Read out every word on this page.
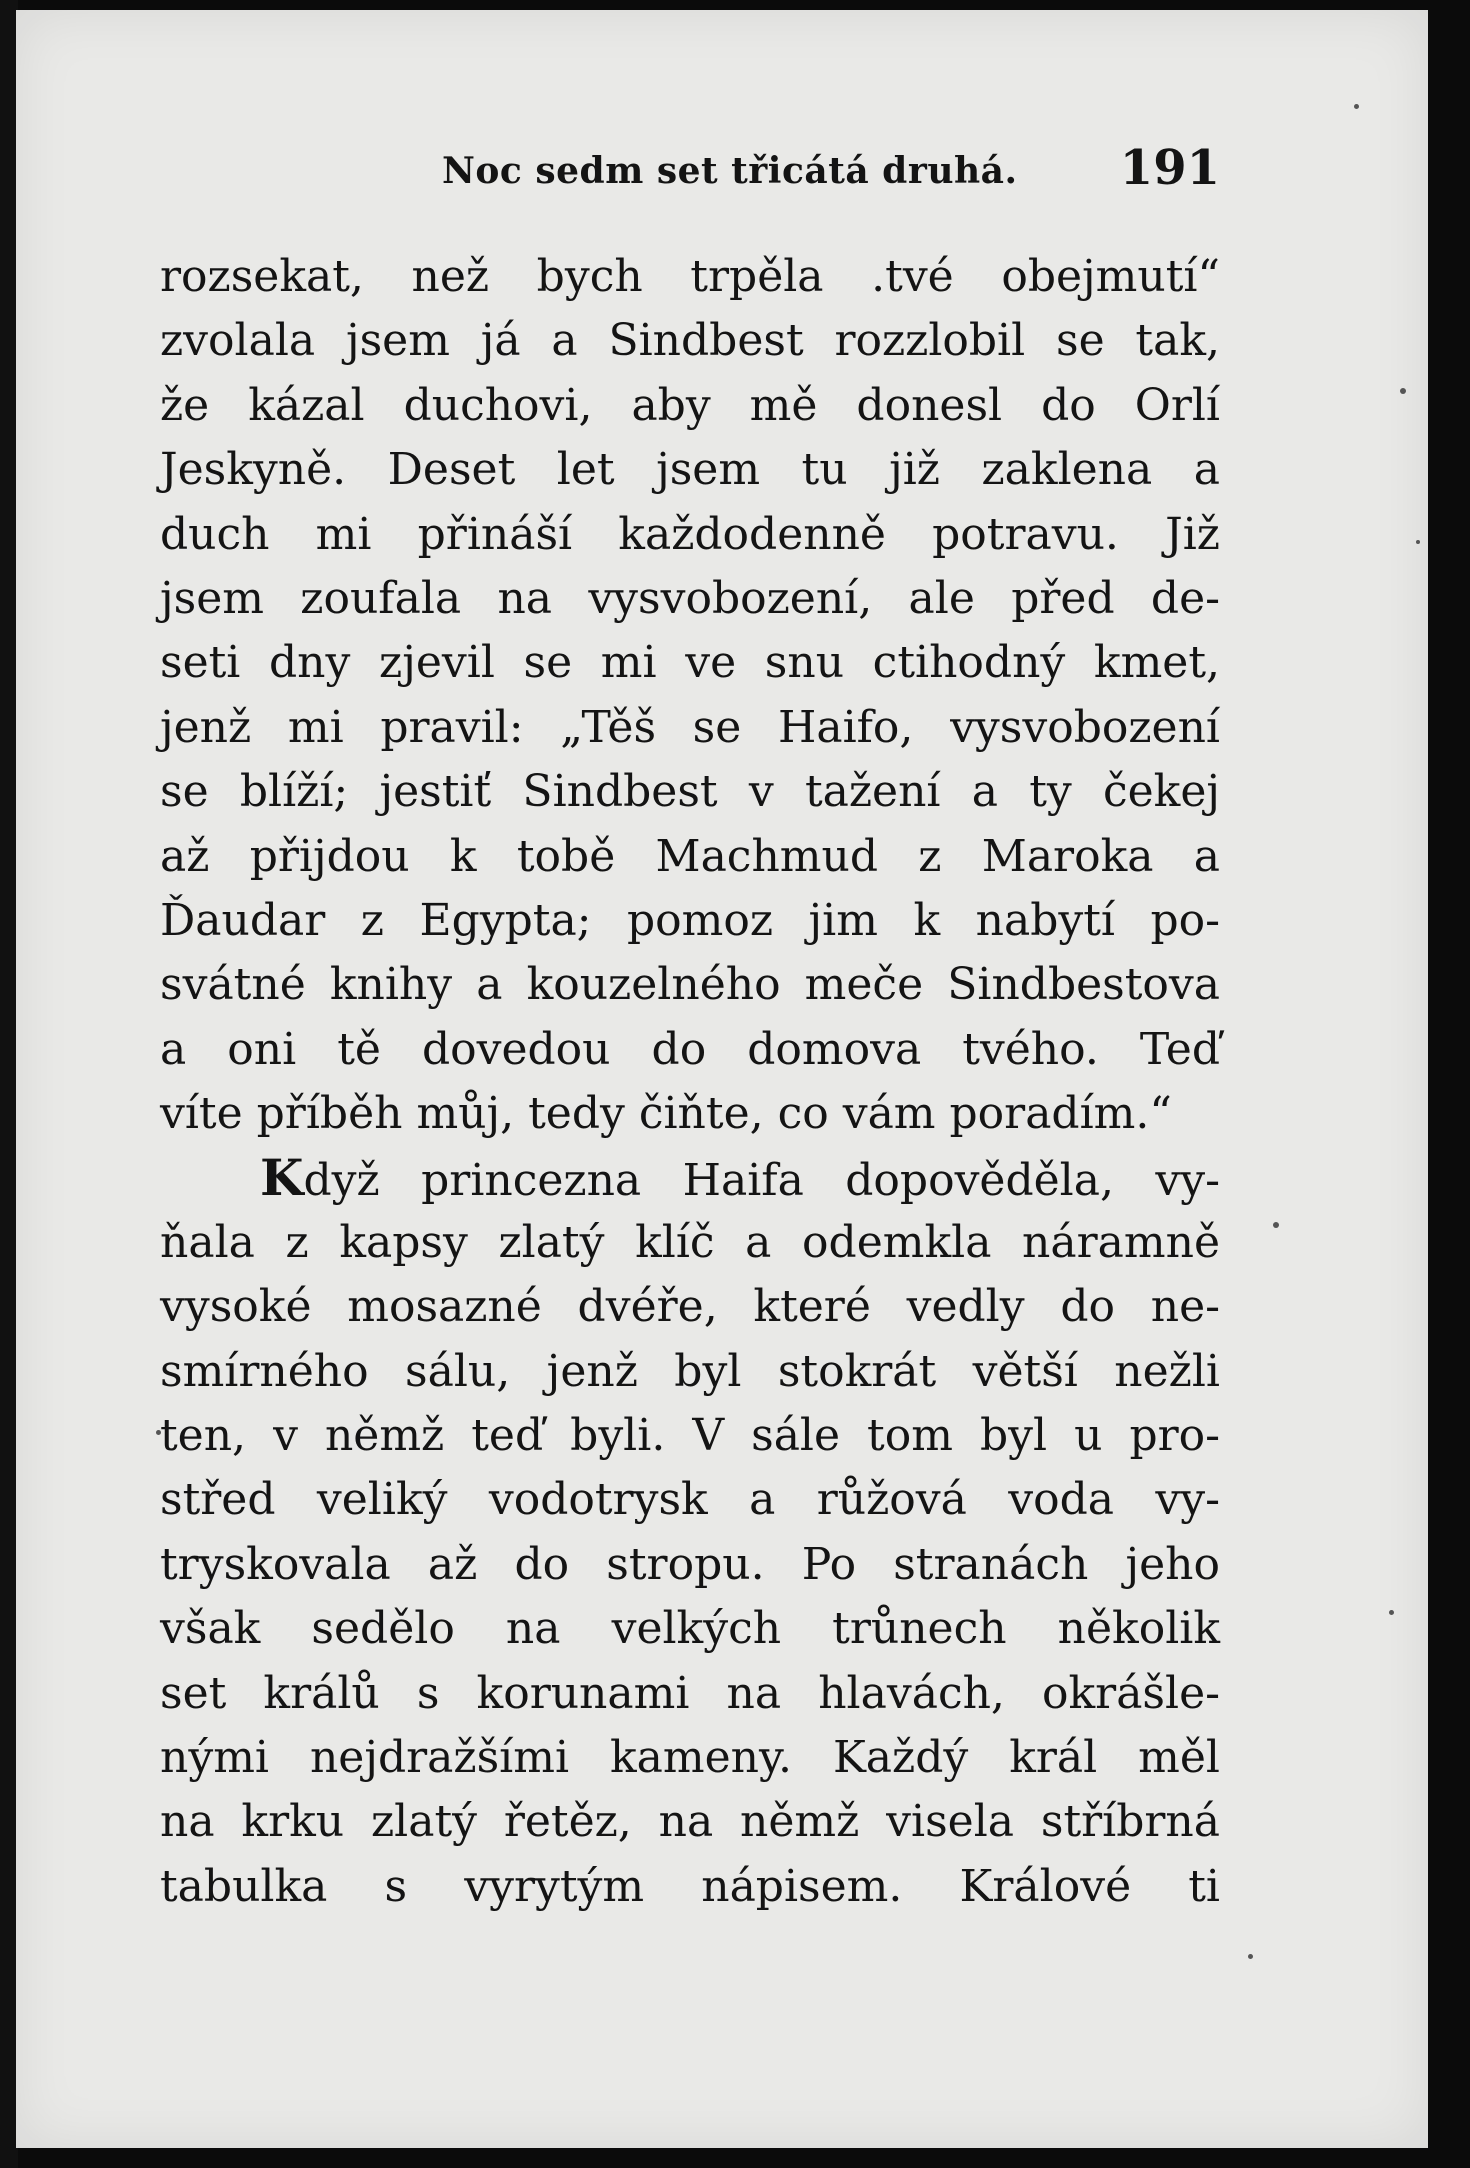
Noc sedm set třicátá druhá. 191
rozsekat, než bych trpěla .tvé obejmutí“
zvolala jsem já a Sindbest rozzlobil se tak,
že kázal duchovi, aby mě donesl do Orlí
Jeskyně. Deset let jsem tu již zaklena a
duch mi přináší každodenně potravu. Již
jsem zoufala na vysvobození, ale před de-
seti dny zjevil se mi ve snu ctihodný kmet,
jenž mi pravil: „Těš se Haifo, vysvobození
se blíží; jestiť Sindbest v tažení a ty čekej
až přijdou k tobě Machmud z Maroka a
Ďaudar z Egypta; pomoz jim k nabytí po-
svátné knihy a kouzelného meče Sindbestova
a oni tě dovedou do domova tvého. Teď
víte příběh můj, tedy čiňte, co vám poradím.“
Když princezna Haifa dopověděla, vy-
ňala z kapsy zlatý klíč a odemkla náramně
vysoké mosazné dvéře, které vedly do ne-
smírného sálu, jenž byl stokrát větší nežli
ten, v němž teď byli. V sále tom byl u pro-
střed veliký vodotrysk a růžová voda vy-
tryskovala až do stropu. Po stranách jeho
však sedělo na velkých trůnech několik
set králů s korunami na hlavách, okrášle-
nými nejdražšími kameny. Každý král měl
na krku zlatý řetěz, na němž visela stříbrná
tabulka s vyrytým nápisem. Králové ti
